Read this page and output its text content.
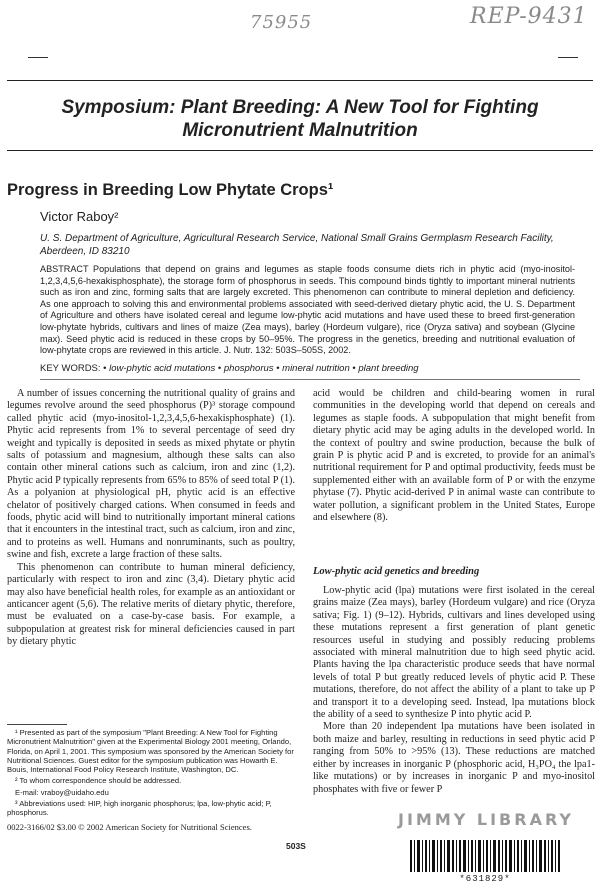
75955	REP-9431
Symposium: Plant Breeding: A New Tool for Fighting Micronutrient Malnutrition
Progress in Breeding Low Phytate Crops¹
Victor Raboy²
U. S. Department of Agriculture, Agricultural Research Service, National Small Grains Germplasm Research Facility, Aberdeen, ID 83210
ABSTRACT Populations that depend on grains and legumes as staple foods consume diets rich in phytic acid (myo-inositol-1,2,3,4,5,6-hexakisphosphate), the storage form of phosphorus in seeds. This compound binds tightly to important mineral nutrients such as iron and zinc, forming salts that are largely excreted. This phenomenon can contribute to mineral depletion and deficiency. As one approach to solving this and environmental problems associated with seed-derived dietary phytic acid, the U. S. Department of Agriculture and others have isolated cereal and legume low-phytic acid mutations and have used these to breed first-generation low-phytate hybrids, cultivars and lines of maize (Zea mays), barley (Hordeum vulgare), rice (Oryza sativa) and soybean (Glycine max). Seed phytic acid is reduced in these crops by 50–95%. The progress in the genetics, breeding and nutritional evaluation of low-phytate crops are reviewed in this article. J. Nutr. 132: 503S–505S, 2002.
KEY WORDS: • low-phytic acid mutations • phosphorus • mineral nutrition • plant breeding

A number of issues concerning the nutritional quality of grains and legumes revolve around the seed phosphorus (P)³ storage compound called phytic acid (myo-inositol-1,2,3,4,5,6-hexakisphosphate) (1). Phytic acid represents from 1% to several percentage of seed dry weight and typically is deposited in seeds as mixed phytate or phytin salts of potassium and magnesium, although these salts can also contain other mineral cations such as calcium, iron and zinc (1,2). Phytic acid P typically represents from 65% to 85% of seed total P (1). As a polyanion at physiological pH, phytic acid is an effective chelator of positively charged cations. When consumed in feeds and foods, phytic acid will bind to nutritionally important mineral cations that it encounters in the intestinal tract, such as calcium, iron and zinc, and to proteins as well. Humans and nonruminants, such as poultry, swine and fish, excrete a large fraction of these salts.

This phenomenon can contribute to human mineral deficiency, particularly with respect to iron and zinc (3,4). Dietary phytic acid may also have beneficial health roles, for example as an antioxidant or anticancer agent (5,6). The relative merits of dietary phytic, therefore, must be evaluated on a case-by-case basis. For example, a subpopulation at greatest risk for mineral deficiencies caused in part by dietary phytic

acid would be children and child-bearing women in rural communities in the developing world that depend on cereals and legumes as staple foods. A subpopulation that might benefit from dietary phytic acid may be aging adults in the developed world. In the context of poultry and swine production, because the bulk of grain P is phytic acid P and is excreted, to provide for an animal's nutritional requirement for P and optimal productivity, feeds must be supplemented either with an available form of P or with the enzyme phytase (7). Phytic acid-derived P in animal waste can contribute to water pollution, a significant problem in the United States, Europe and elsewhere (8).

Low-phytic acid genetics and breeding

Low-phytic acid (lpa) mutations were first isolated in the cereal grains maize (Zea mays), barley (Hordeum vulgare) and rice (Oryza sativa; Fig. 1) (9–12). Hybrids, cultivars and lines developed using these mutations represent a first generation of plant genetic resources useful in studying and possibly reducing problems associated with mineral malnutrition due to high seed phytic acid. Plants having the lpa characteristic produce seeds that have normal levels of total P but greatly reduced levels of phytic acid P. These mutations, therefore, do not affect the ability of a plant to take up P and transport it to a developing seed. Instead, lpa mutations block the ability of a seed to synthesize P into phytic acid P.

More than 20 independent lpa mutations have been isolated in both maize and barley, resulting in reductions in seed phytic acid P ranging from 50% to >95% (13). These reductions are matched either by increases in inorganic P (phosphoric acid, H₃PO₄ the lpa1-like mutations) or by increases in inorganic P and myo-inositol phosphates with five or fewer P

¹ Presented as part of the symposium "Plant Breeding: A New Tool for Fighting Micronutrient Malnutrition" given at the Experimental Biology 2001 meeting, Orlando, Florida, on April 1, 2001. This symposium was sponsored by the American Society for Nutritional Sciences. Guest editor for the symposium publication was Howarth E. Bouis, International Food Policy Research Institute, Washington, DC.

² To whom correspondence should be addressed.

E-mail: vraboy@uidaho.edu

³ Abbreviations used: HIP, high inorganic phosphorus; lpa, low-phytic acid; P, phosphorus.

0022-3166/02 $3.00 © 2002 American Society for Nutritional Sciences.
503S
JIMMY LIBRARY
*631829*
